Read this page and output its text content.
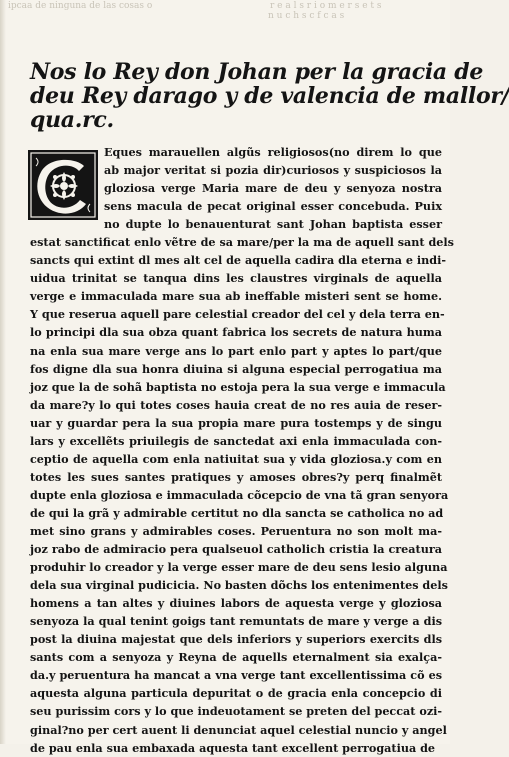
ipcaa de ninguna de las cosas o	r e a l s r i o m e r s e t s
n u c h s c f c a s
Nos lo Rey don Johan per la gracia de
deu Rey darago y de valencia de mallor/
qua.rc.
Eques marauellen algũs religiosos(no direm lo que
ab major veritat si pozia dir)curiosos y suspiciosos la
gloziosa verge Maria mare de deu y senyoza nostra
sens macula de pecat original esser concebuda. Puix
no dupte lo benauenturat sant Johan baptista esser
estat sanctificat enlo vẽtre de sa mare/per la ma de aquell sant dels
sancts qui extint dl mes alt cel de aquella cadira dla eterna e indi-
uidua trinitat se tanqua dins les claustres virginals de aquella
verge e immaculada mare sua ab ineffable misteri sent se home.
Y que reserua aquell pare celestial creador del cel y dela terra en-
lo principi dla sua obza quant fabrica los secrets de natura huma
na enla sua mare verge ans lo part enlo part y aptes lo part/que
fos digne dla sua honra diuina si alguna especial perrogatiua ma
joz que la de sohã baptista no estoja pera la sua verge e immacula
da mare?y lo qui totes coses hauia creat de no res auia de reser-
uar y guardar pera la sua propia mare pura tostemps y de singu
lars y excellẽts priuilegis de sanctedat axi enla immaculada con-
ceptio de aquella com enla natiuitat sua y vida gloziosa.y com en
totes les sues santes pratiques y amoses obres?y perq finalmẽt
dupte enla gloziosa e immaculada cõcepcio de vna tã gran senyora
de qui la grã y admirable certitut no dla sancta se catholica no ad
met sino grans y admirables coses. Peruentura no son molt ma-
joz rabo de admiracio pera qualseuol catholich cristia la creatura
produhir lo creador y la verge esser mare de deu sens lesio alguna
dela sua virginal pudicicia. No basten dõchs los entenimentes dels
homens a tan altes y diuines labors de aquesta verge y gloziosa
senyoza la qual tenint goigs tant remuntats de mare y verge a dis
post la diuina majestat que dels inferiors y superiors exercits dls
sants com a senyoza y Reyna de aquells eternalment sia exalça-
da.y peruentura ha mancat a vna verge tant excellentissima cõ es
aquesta alguna particula depuritat o de gracia enla concepcio di
seu purissim cors y lo que indeuotament se preten del peccat ozi-
ginal?no per cert auent li denunciat aquel celestial nuncio y angel
de pau enla sua embaxada aquesta tant excellent perrogatiua de
